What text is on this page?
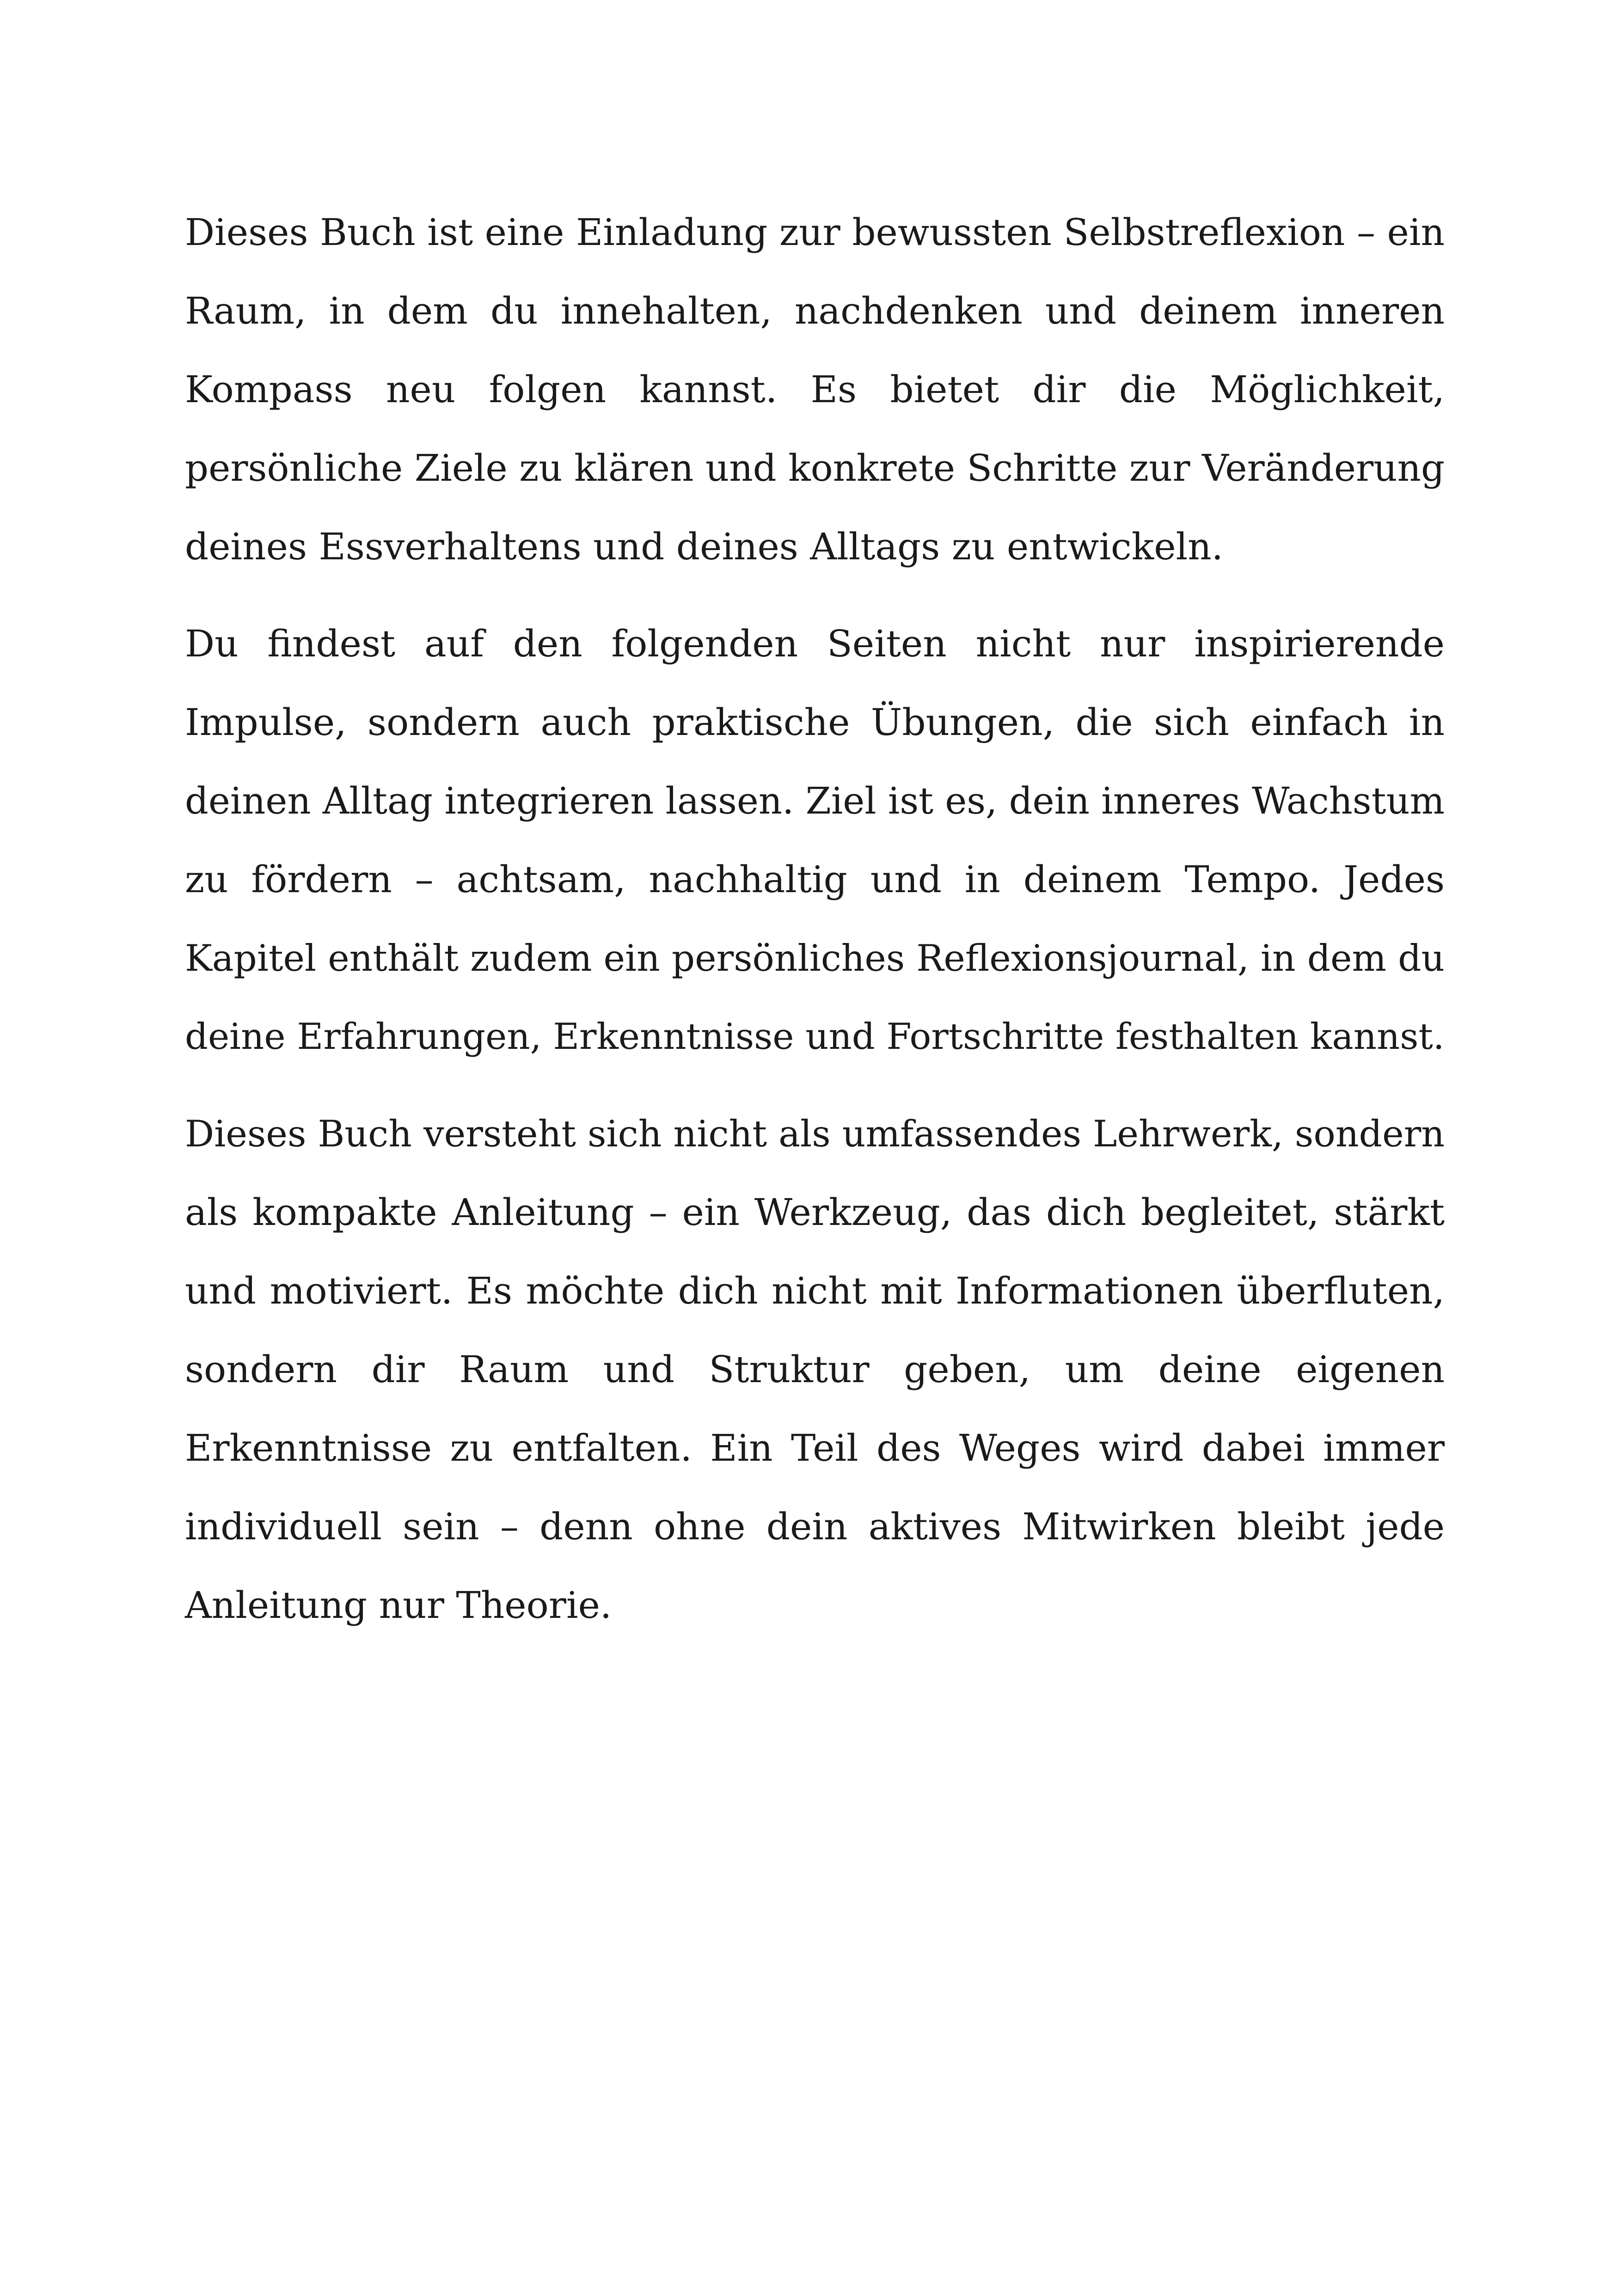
Dieses Buch ist eine Einladung zur bewussten Selbstreflexion – ein
Raum, in dem du innehalten, nachdenken und deinem inneren
Kompass neu folgen kannst. Es bietet dir die Möglichkeit,
persönliche Ziele zu klären und konkrete Schritte zur Veränderung
deines Essverhaltens und deines Alltags zu entwickeln.
Du findest auf den folgenden Seiten nicht nur inspirierende
Impulse, sondern auch praktische Übungen, die sich einfach in
deinen Alltag integrieren lassen. Ziel ist es, dein inneres Wachstum
zu fördern – achtsam, nachhaltig und in deinem Tempo. Jedes
Kapitel enthält zudem ein persönliches Reflexionsjournal, in dem du
deine Erfahrungen, Erkenntnisse und Fortschritte festhalten kannst.
Dieses Buch versteht sich nicht als umfassendes Lehrwerk, sondern
als kompakte Anleitung – ein Werkzeug, das dich begleitet, stärkt
und motiviert. Es möchte dich nicht mit Informationen überfluten,
sondern dir Raum und Struktur geben, um deine eigenen
Erkenntnisse zu entfalten. Ein Teil des Weges wird dabei immer
individuell sein – denn ohne dein aktives Mitwirken bleibt jede
Anleitung nur Theorie.
